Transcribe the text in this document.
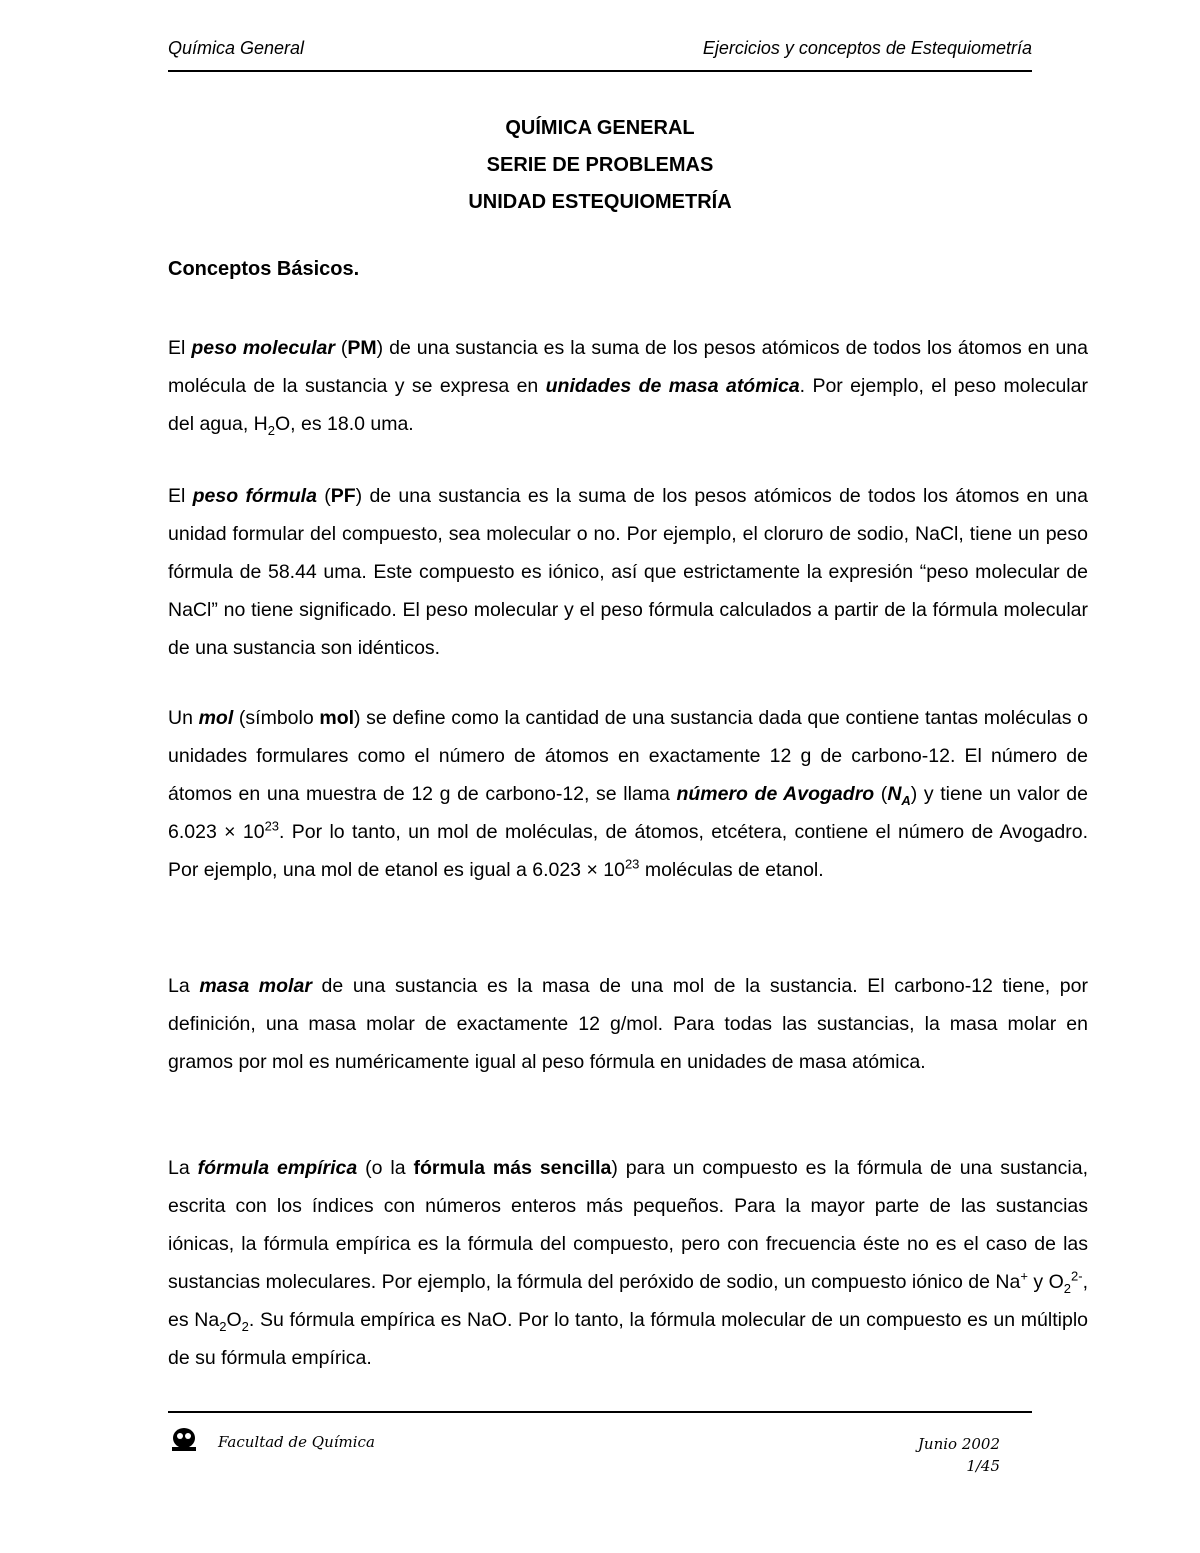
Química General	Ejercicios y conceptos de Estequiometría
QUÍMICA GENERAL
SERIE DE PROBLEMAS
UNIDAD ESTEQUIOMETRÍA
Conceptos Básicos.

El peso molecular (PM) de una sustancia es la suma de los pesos atómicos de todos los átomos en una molécula de la sustancia y se expresa en unidades de masa atómica. Por ejemplo, el peso molecular del agua, $H_2O$, es 18.0 uma.

El peso fórmula (PF) de una sustancia es la suma de los pesos atómicos de todos los átomos en una unidad formular del compuesto, sea molecular o no. Por ejemplo, el cloruro de sodio, NaCl, tiene un peso fórmula de 58.44 uma. Este compuesto es iónico, así que estrictamente la expresión “peso molecular de NaCl” no tiene significado. El peso molecular y el peso fórmula calculados a partir de la fórmula molecular de una sustancia son idénticos.

Un mol (símbolo mol) se define como la cantidad de una sustancia dada que contiene tantas moléculas o unidades formulares como el número de átomos en exactamente 12 g de carbono-12. El número de átomos en una muestra de 12 g de carbono-12, se llama número de Avogadro $(N_A)$ y tiene un valor de $6.023 \times 10^{23}$. Por lo tanto, un mol de moléculas, de átomos, etcétera, contiene el número de Avogadro. Por ejemplo, una mol de etanol es igual a $6.023 \times 10^{23}$ moléculas de etanol.

La masa molar de una sustancia es la masa de una mol de la sustancia. El carbono-12 tiene, por definición, una masa molar de exactamente 12 g/mol. Para todas las sustancias, la masa molar en gramos por mol es numéricamente igual al peso fórmula en unidades de masa atómica.

La fórmula empírica (o la fórmula más sencilla) para un compuesto es la fórmula de una sustancia, escrita con los índices con números enteros más pequeños. Para la mayor parte de las sustancias iónicas, la fórmula empírica es la fórmula del compuesto, pero con frecuencia éste no es el caso de las sustancias moleculares. Por ejemplo, la fórmula del peróxido de sodio, un compuesto iónico de Na+ y $O_2^{2-}$, es $Na_2O_2$. Su fórmula empírica es NaO. Por lo tanto, la fórmula molecular de un compuesto es un múltiplo de su fórmula empírica.

Facultad de Química	Junio 2002
1/45
